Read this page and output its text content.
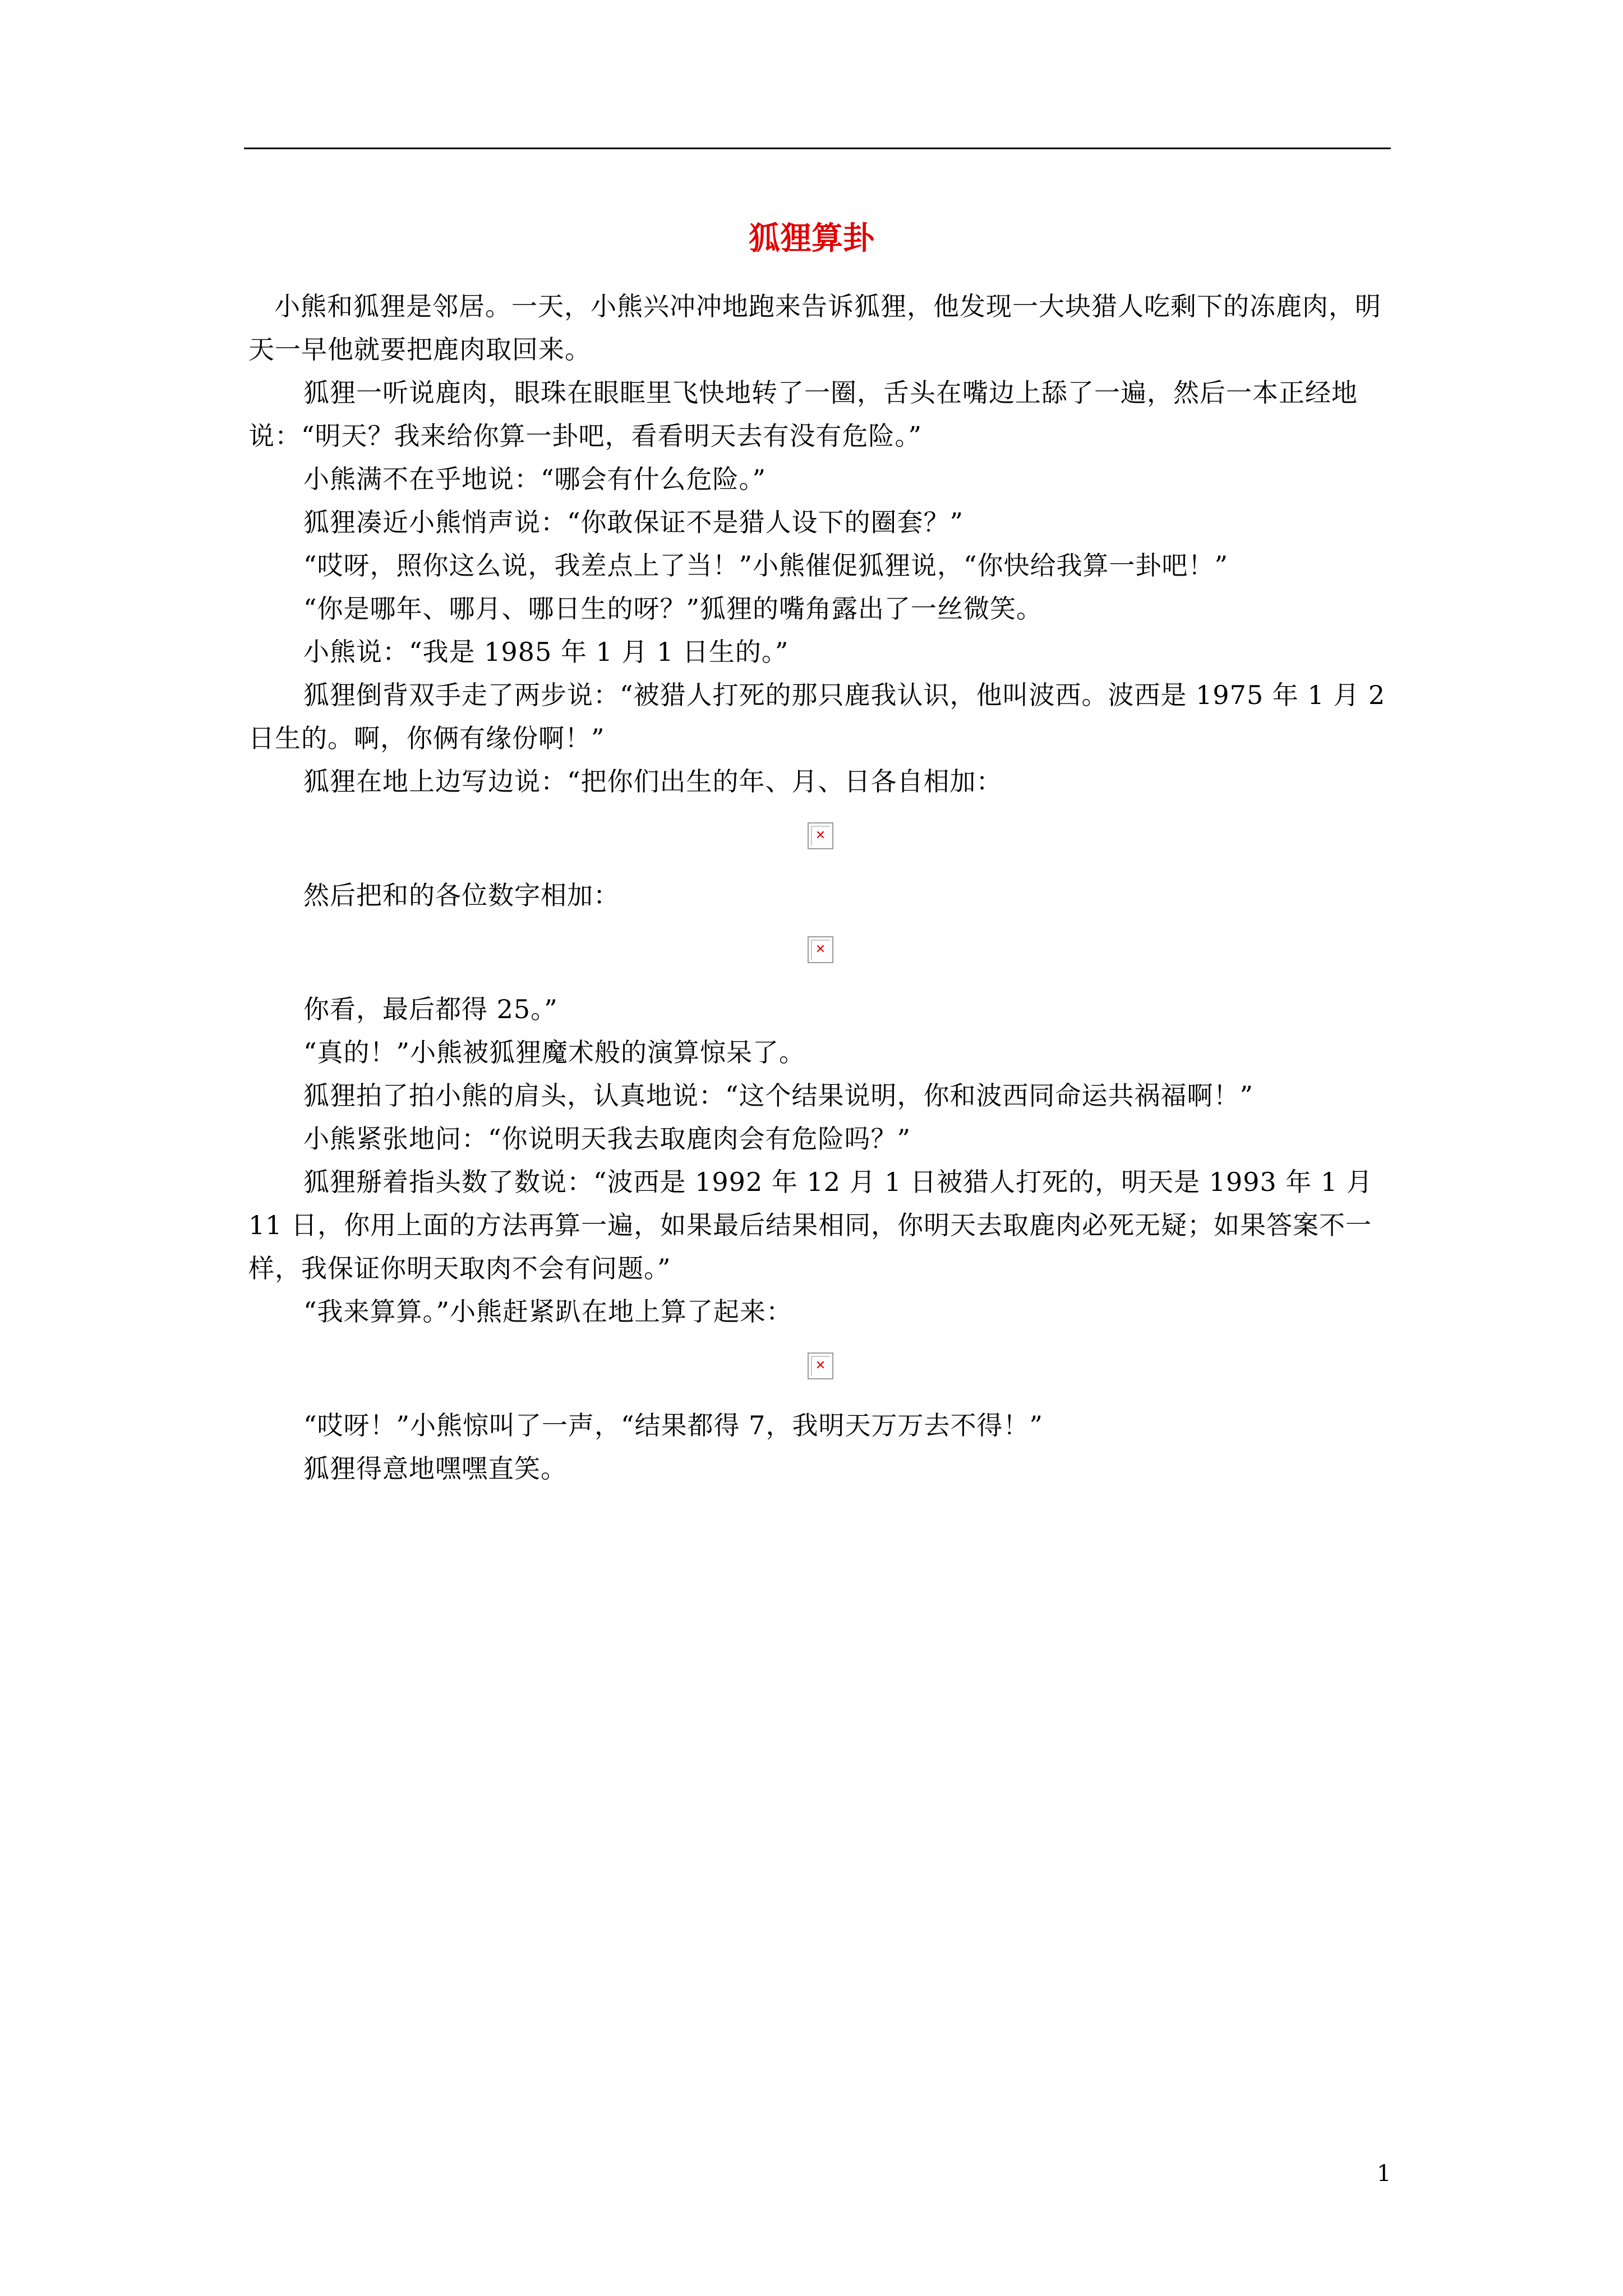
狐狸算卦

小熊和狐狸是邻居。一天，小熊兴冲冲地跑来告诉狐狸，他发现一大块猎人吃剩下的冻鹿肉，明天一早他就要把鹿肉取回来。

狐狸一听说鹿肉，眼珠在眼眶里飞快地转了一圈，舌头在嘴边上舔了一遍，然后一本正经地说：“明天？我来给你算一卦吧，看看明天去有没有危险。”

小熊满不在乎地说：“哪会有什么危险。”

狐狸凑近小熊悄声说：“你敢保证不是猎人设下的圈套？”

“哎呀，照你这么说，我差点上了当！”小熊催促狐狸说，“你快给我算一卦吧！”

“你是哪年、哪月、哪日生的呀？”狐狸的嘴角露出了一丝微笑。

小熊说：“我是 1985 年 1 月 1 日生的。”

狐狸倒背双手走了两步说：“被猎人打死的那只鹿我认识，他叫波西。波西是 1975 年 1 月 2 日生的。啊，你俩有缘份啊！”

狐狸在地上边写边说：“把你们出生的年、月、日各自相加：

✕

然后把和的各位数字相加：

✕

你看，最后都得 25。”

“真的！”小熊被狐狸魔术般的演算惊呆了。

狐狸拍了拍小熊的肩头，认真地说：“这个结果说明，你和波西同命运共祸福啊！”

小熊紧张地问：“你说明天我去取鹿肉会有危险吗？”

狐狸掰着指头数了数说：“波西是 1992 年 12 月 1 日被猎人打死的，明天是 1993 年 1 月 11 日，你用上面的方法再算一遍，如果最后结果相同，你明天去取鹿肉必死无疑；如果答案不一样，我保证你明天取肉不会有问题。”

“我来算算。”小熊赶紧趴在地上算了起来：

✕

“哎呀！”小熊惊叫了一声，“结果都得 7，我明天万万去不得！”

狐狸得意地嘿嘿直笑。

1
